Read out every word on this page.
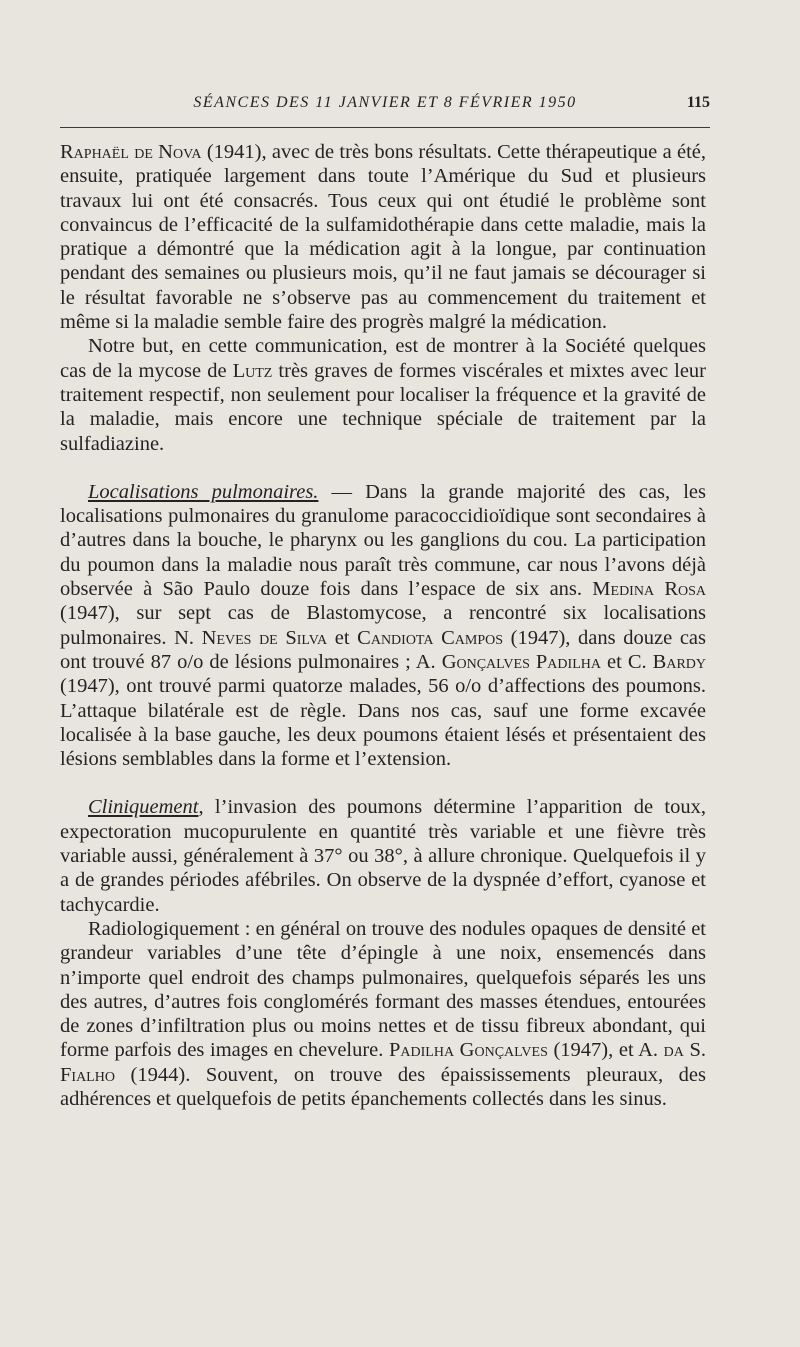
SÉANCES DES 11 JANVIER ET 8 FÉVRIER 1950	115

Raphaël de Nova (1941), avec de très bons résultats. Cette thérapeutique a été, ensuite, pratiquée largement dans toute l’Amérique du Sud et plusieurs travaux lui ont été consacrés. Tous ceux qui ont étudié le problème sont convaincus de l’efficacité de la sulfamidothérapie dans cette maladie, mais la pratique a démontré que la médication agit à la longue, par continuation pendant des semaines ou plusieurs mois, qu’il ne faut jamais se décourager si le résultat favorable ne s’observe pas au commencement du traitement et même si la maladie semble faire des progrès malgré la médication.

Notre but, en cette communication, est de montrer à la Société quelques cas de la mycose de Lutz très graves de formes viscérales et mixtes avec leur traitement respectif, non seulement pour localiser la fréquence et la gravité de la maladie, mais encore une technique spéciale de traitement par la sulfadiazine.

Localisations pulmonaires. — Dans la grande majorité des cas, les localisations pulmonaires du granulome paracoccidioïdique sont secondaires à d’autres dans la bouche, le pharynx ou les ganglions du cou. La participation du poumon dans la maladie nous paraît très commune, car nous l’avons déjà observée à São Paulo douze fois dans l’espace de six ans. Medina Rosa (1947), sur sept cas de Blastomycose, a rencontré six localisations pulmonaires. N. Neves de Silva et Candiota Campos (1947), dans douze cas ont trouvé 87 o/o de lésions pulmonaires ; A. Gonçalves Padilha et C. Bardy (1947), ont trouvé parmi quatorze malades, 56 o/o d’affections des poumons. L’attaque bilatérale est de règle. Dans nos cas, sauf une forme excavée localisée à la base gauche, les deux poumons étaient lésés et présentaient des lésions semblables dans la forme et l’extension.

Cliniquement, l’invasion des poumons détermine l’apparition de toux, expectoration mucopurulente en quantité très variable et une fièvre très variable aussi, généralement à 37° ou 38°, à allure chronique. Quelquefois il y a de grandes périodes afébriles. On observe de la dyspnée d’effort, cyanose et tachycardie.

Radiologiquement : en général on trouve des nodules opaques de densité et grandeur variables d’une tête d’épingle à une noix, ensemencés dans n’importe quel endroit des champs pulmonaires, quelquefois séparés les uns des autres, d’autres fois conglomérés formant des masses étendues, entourées de zones d’infiltration plus ou moins nettes et de tissu fibreux abondant, qui forme parfois des images en chevelure. Padilha Gonçalves (1947), et A. da S. Fialho (1944). Souvent, on trouve des épaississements pleuraux, des adhérences et quelquefois de petits épanchements collectés dans les sinus.
